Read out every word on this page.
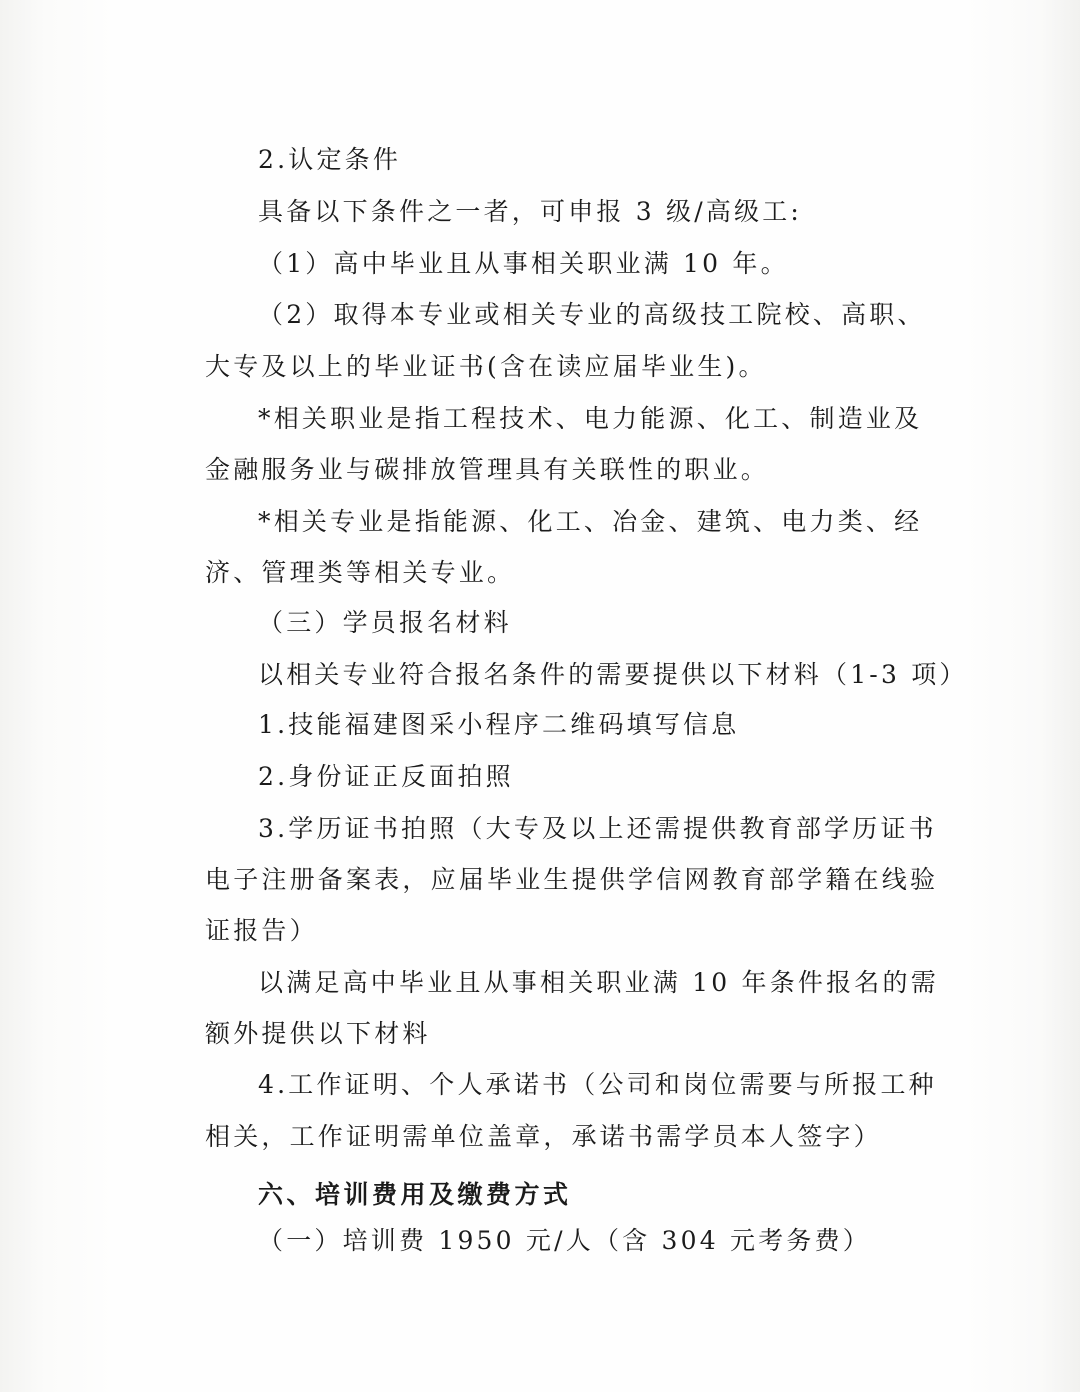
2.认定条件
具备以下条件之一者，可申报 3 级/高级工:
（1）高中毕业且从事相关职业满 10 年。
（2）取得本专业或相关专业的高级技工院校、高职、
大专及以上的毕业证书(含在读应届毕业生)。
*相关职业是指工程技术、电力能源、化工、制造业及
金融服务业与碳排放管理具有关联性的职业。
*相关专业是指能源、化工、冶金、建筑、电力类、经
济、管理类等相关专业。
（三）学员报名材料
以相关专业符合报名条件的需要提供以下材料（1-3 项）
1.技能福建图采小程序二维码填写信息
2.身份证正反面拍照
3.学历证书拍照（大专及以上还需提供教育部学历证书
电子注册备案表，应届毕业生提供学信网教育部学籍在线验
证报告）
以满足高中毕业且从事相关职业满 10 年条件报名的需
额外提供以下材料
4.工作证明、个人承诺书（公司和岗位需要与所报工种
相关，工作证明需单位盖章，承诺书需学员本人签字）
六、培训费用及缴费方式
（一）培训费 1950 元/人（含 304 元考务费）
